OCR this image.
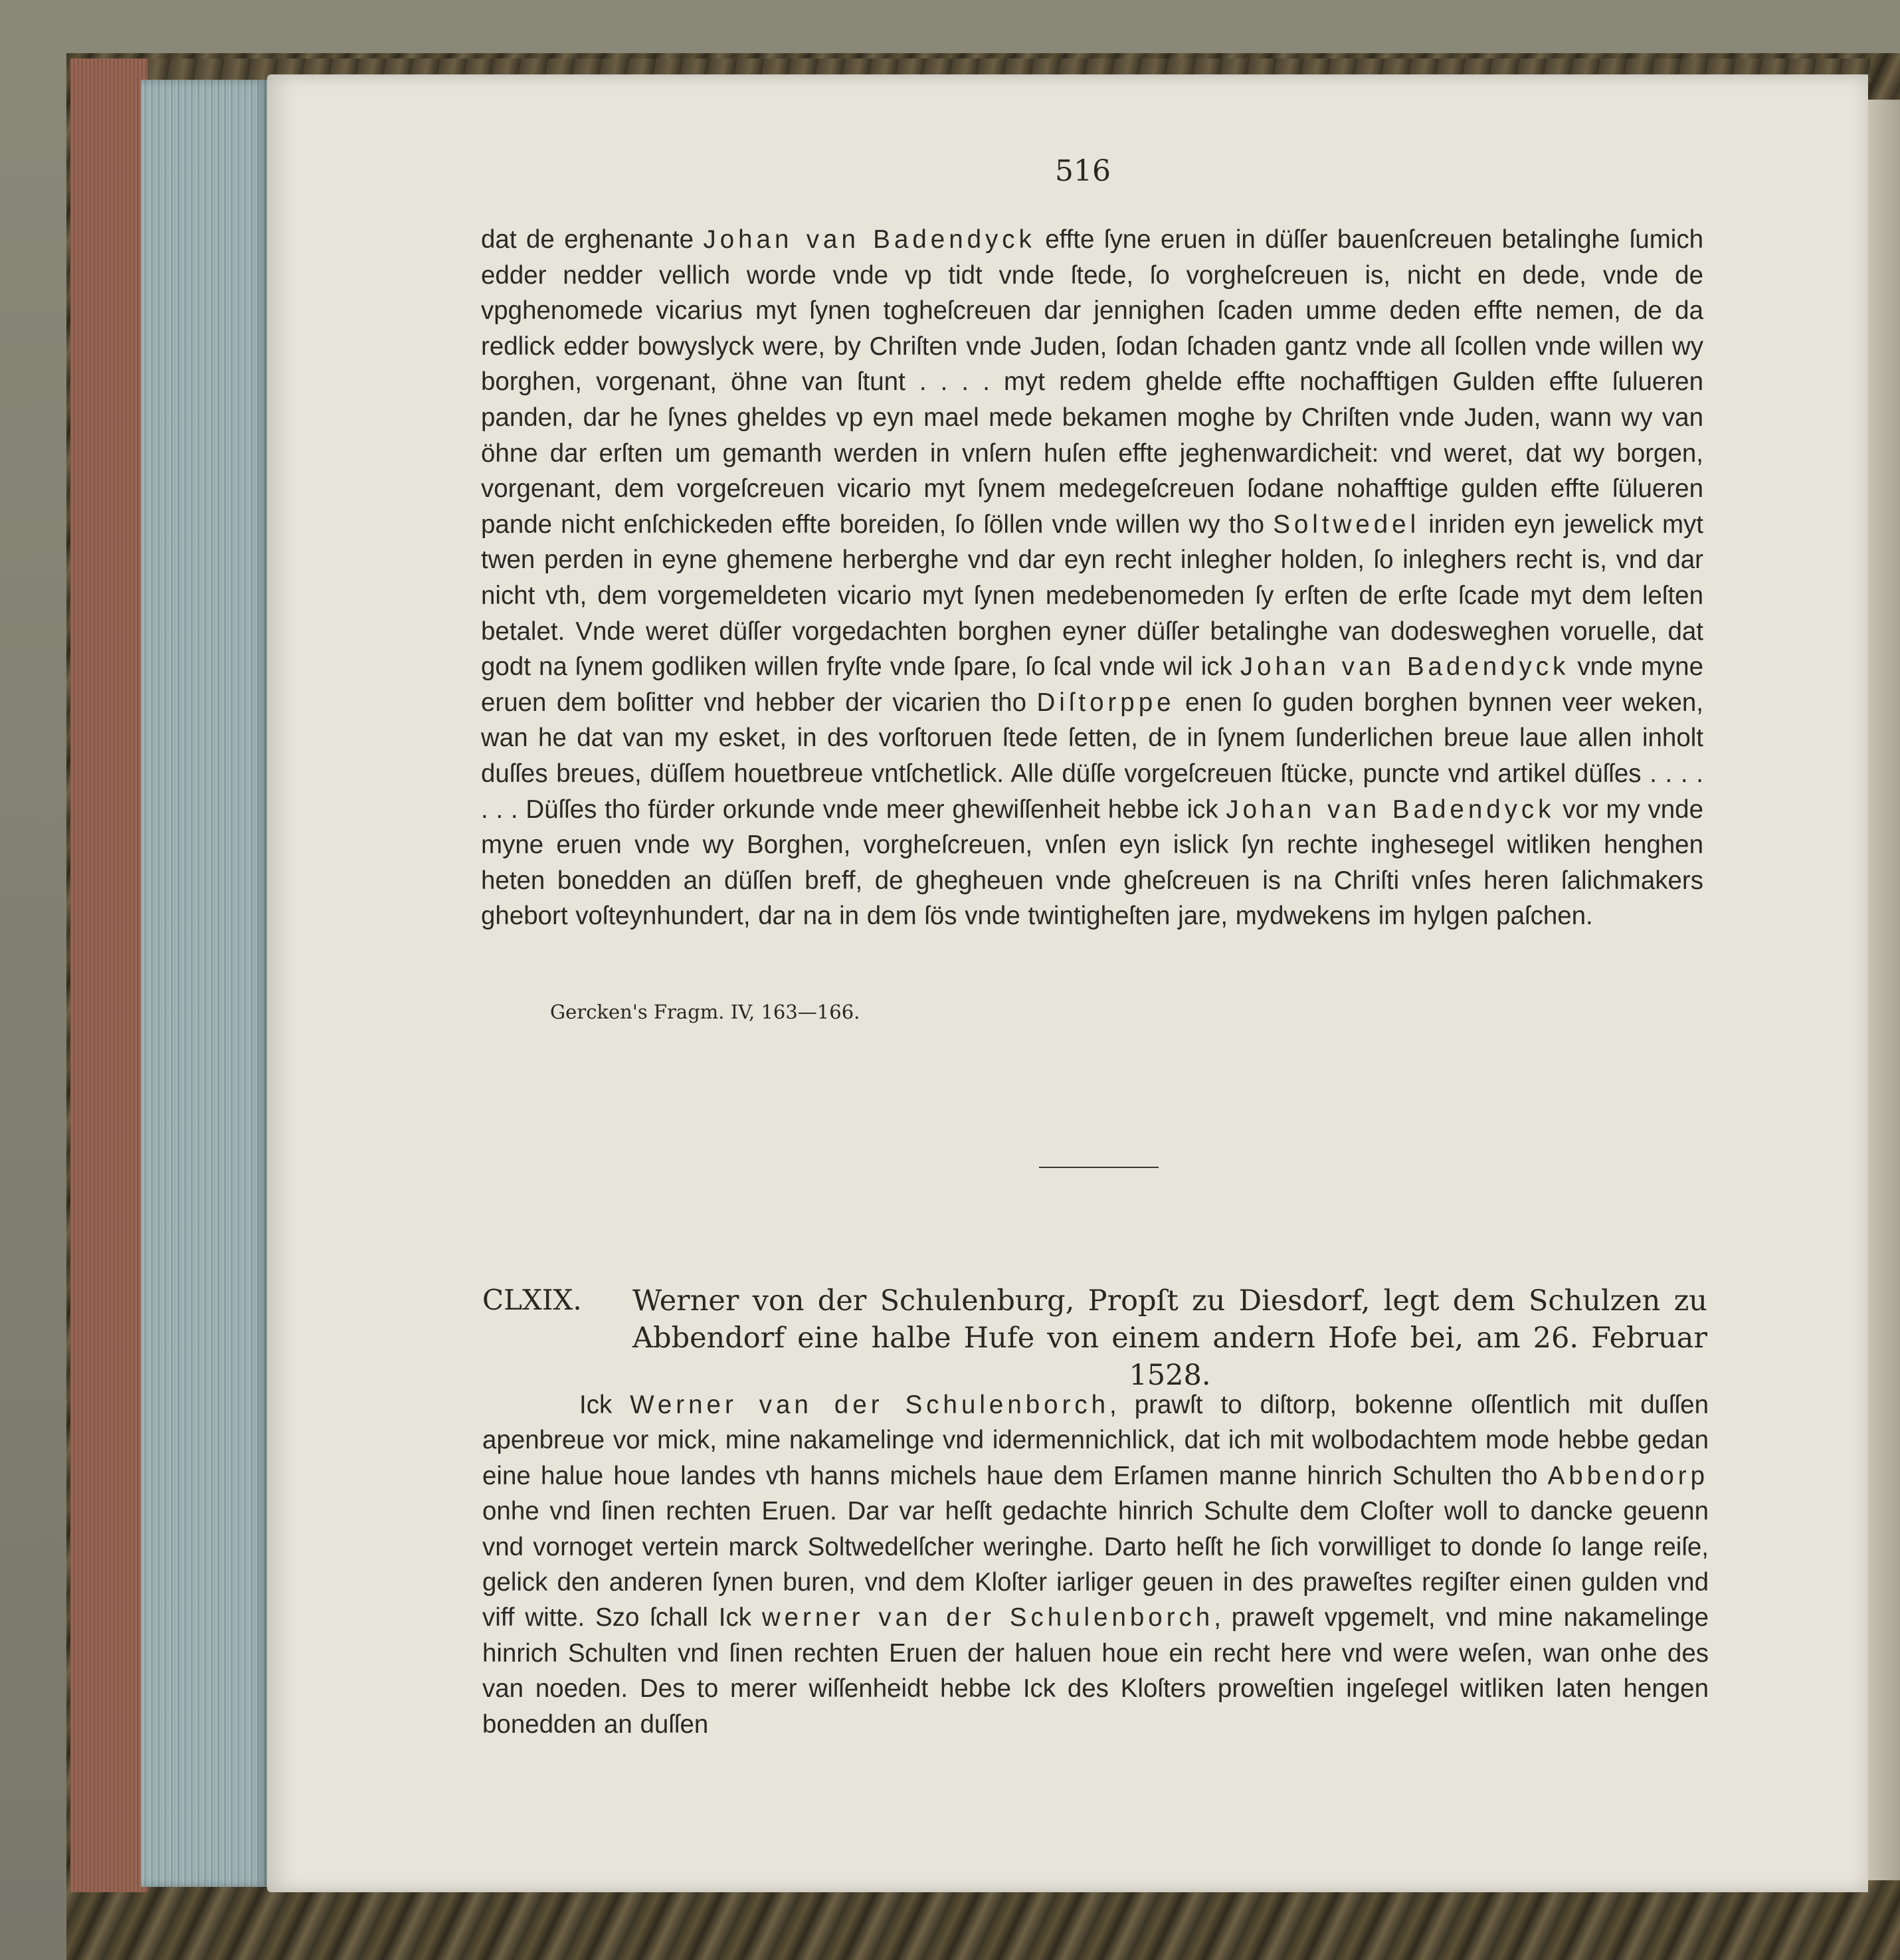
516
dat de erghenante Johan van Badendyck effte ſyne eruen in düſſer bauenſcreuen betalinghe ſumich edder nedder vellich worde vnde vp tidt vnde ſtede, ſo vorgheſcreuen is, nicht en dede, vnde de vpghenomede vicarius myt ſynen togheſcreuen dar jennighen ſcaden umme deden effte nemen, de da redlick edder bowyslyck were, by Chriſten vnde Juden, ſodan ſchaden gantz vnde all ſcollen vnde willen wy borghen, vorgenant, öhne van ſtunt . . . . myt redem ghelde effte nochafftigen Gulden effte ſulueren panden, dar he ſynes gheldes vp eyn mael mede bekamen moghe by Chriſten vnde Juden, wann wy van öhne dar erſten um gemanth werden in vnſern huſen effte jeghenwardicheit: vnd weret, dat wy borgen, vorgenant, dem vorgeſcreuen vicario myt ſynem medegeſcreuen ſodane nohafftige gulden effte ſülueren pande nicht enſchickeden effte boreiden, ſo ſöllen vnde willen wy tho Soltwedel inriden eyn jewelick myt twen perden in eyne ghemene herberghe vnd dar eyn recht inlegher holden, ſo inleghers recht is, vnd dar nicht vth, dem vorgemeldeten vicario myt ſynen medebenomeden ſy erſten de erſte ſcade myt dem leſten betalet. Vnde weret düſſer vorgedachten borghen eyner düſſer betalinghe van dodesweghen voruelle, dat godt na ſynem godliken willen fryſte vnde ſpare, ſo ſcal vnde wil ick Johan van Badendyck vnde myne eruen dem boſitter vnd hebber der vicarien tho Diſtorppe enen ſo guden borghen bynnen veer weken, wan he dat van my esket, in des vorſtoruen ſtede ſetten, de in ſynem ſunderlichen breue laue allen inholt duſſes breues, düſſem houetbreue vntſchetlick. Alle düſſe vorgeſcreuen ſtücke, puncte vnd artikel düſſes . . . . . . . Düſſes tho fürder orkunde vnde meer ghewiſſenheit hebbe ick Johan van Badendyck vor my vnde myne eruen vnde wy Borghen, vorgheſcreuen, vnſen eyn islick ſyn rechte inghesegel witliken henghen heten bonedden an düſſen breff, de ghegheuen vnde gheſcreuen is na Chriſti vnſes heren ſalichmakers ghebort voſteynhundert, dar na in dem ſös vnde twintigheſten jare, mydwekens im hylgen paſchen.
Gercken's Fragm. IV, 163—166.
CLXIX.	Werner von der Schulenburg, Propſt zu Diesdorf, legt dem Schulzen zu Abbendorf eine halbe Hufe von einem andern Hofe bei, am 26. Februar 1528.
Ick Werner van der Schulenborch, prawſt to diſtorp, bokenne oſſentlich mit duſſen apenbreue vor mick, mine nakamelinge vnd idermennichlick, dat ich mit wolbodachtem mode hebbe gedan eine halue houe landes vth hanns michels haue dem Erſamen manne hinrich Schulten tho Abbendorp onhe vnd ſinen rechten Eruen. Dar var heſſt gedachte hinrich Schulte dem Cloſter woll to dancke geuenn vnd vornoget vertein marck Soltwedelſcher weringhe. Darto heſſt he ſich vorwilliget to donde ſo lange reiſe, gelick den anderen ſynen buren, vnd dem Kloſter iarliger geuen in des praweſtes regiſter einen gulden vnd viff witte. Szo ſchall Ick werner van der Schulenborch, praweſt vpgemelt, vnd mine nakamelinge hinrich Schulten vnd ſinen rechten Eruen der haluen houe ein recht here vnd were weſen, wan onhe des van noeden. Des to merer wiſſenheidt hebbe Ick des Kloſters proweſtien ingeſegel witliken laten hengen bonedden an duſſen
